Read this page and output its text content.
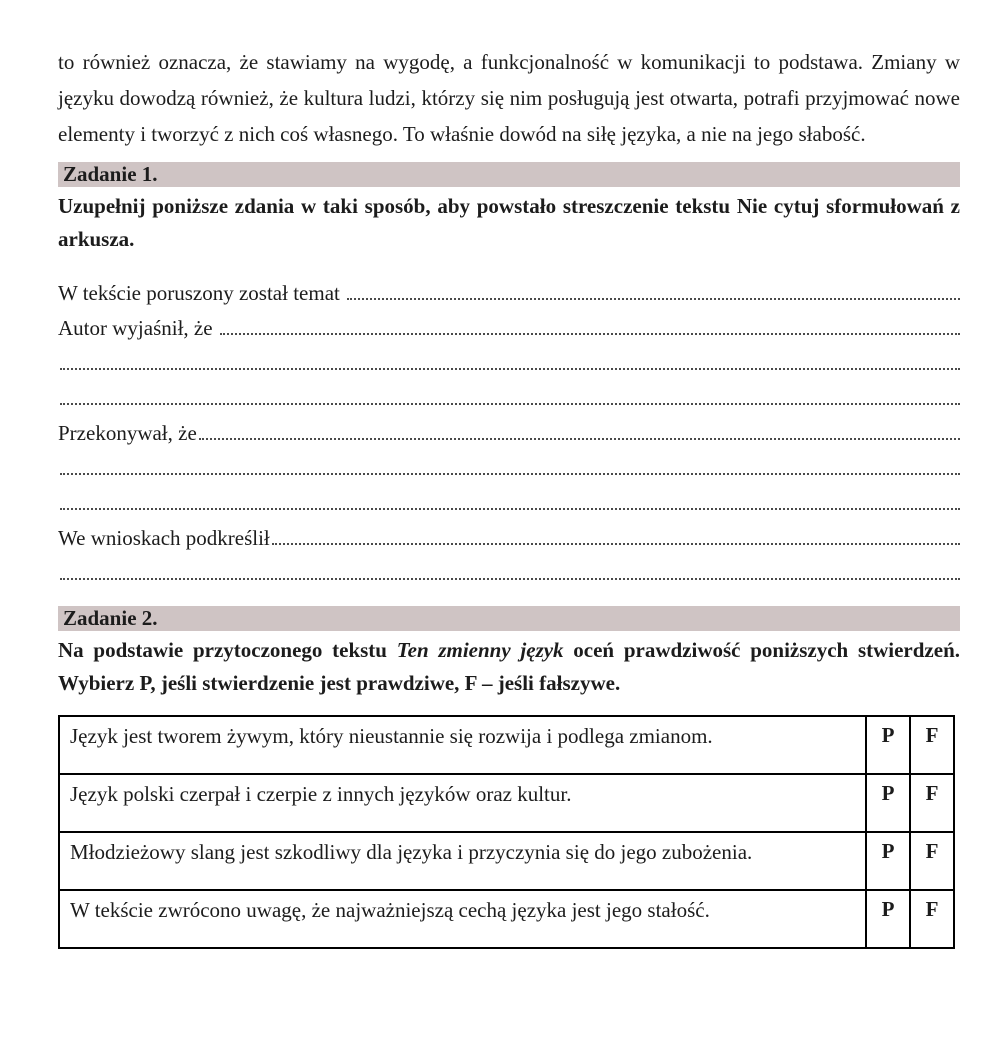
to również oznacza, że stawiamy na wygodę, a funkcjonalność w komunikacji to podstawa. Zmiany w języku dowodzą również, że kultura ludzi, którzy się nim posługują jest otwarta, potrafi przyjmować nowe elementy i tworzyć z nich coś własnego. To właśnie dowód na siłę języka, a nie na jego słabość.

Zadanie 1.

Uzupełnij poniższe zdania w taki sposób, aby powstało streszczenie tekstu Nie cytuj sformułowań z arkusza.

W tekście poruszony został temat
Autor wyjaśnił, że
Przekonywał, że
We wnioskach podkreślił
Zadanie 2.

Na podstawie przytoczonego tekstu Ten zmienny język oceń prawdziwość poniższych stwierdzeń. Wybierz P, jeśli stwierdzenie jest prawdziwe, F – jeśli fałszywe.

Język jest tworem żywym, który nieustannie się rozwija i podlega zmianom.	P	F
Język polski czerpał i czerpie z innych języków oraz kultur.	P	F
Młodzieżowy slang jest szkodliwy dla języka i przyczynia się do jego zubożenia.	P	F
W tekście zwrócono uwagę, że najważniejszą cechą języka jest jego stałość.	P	F
